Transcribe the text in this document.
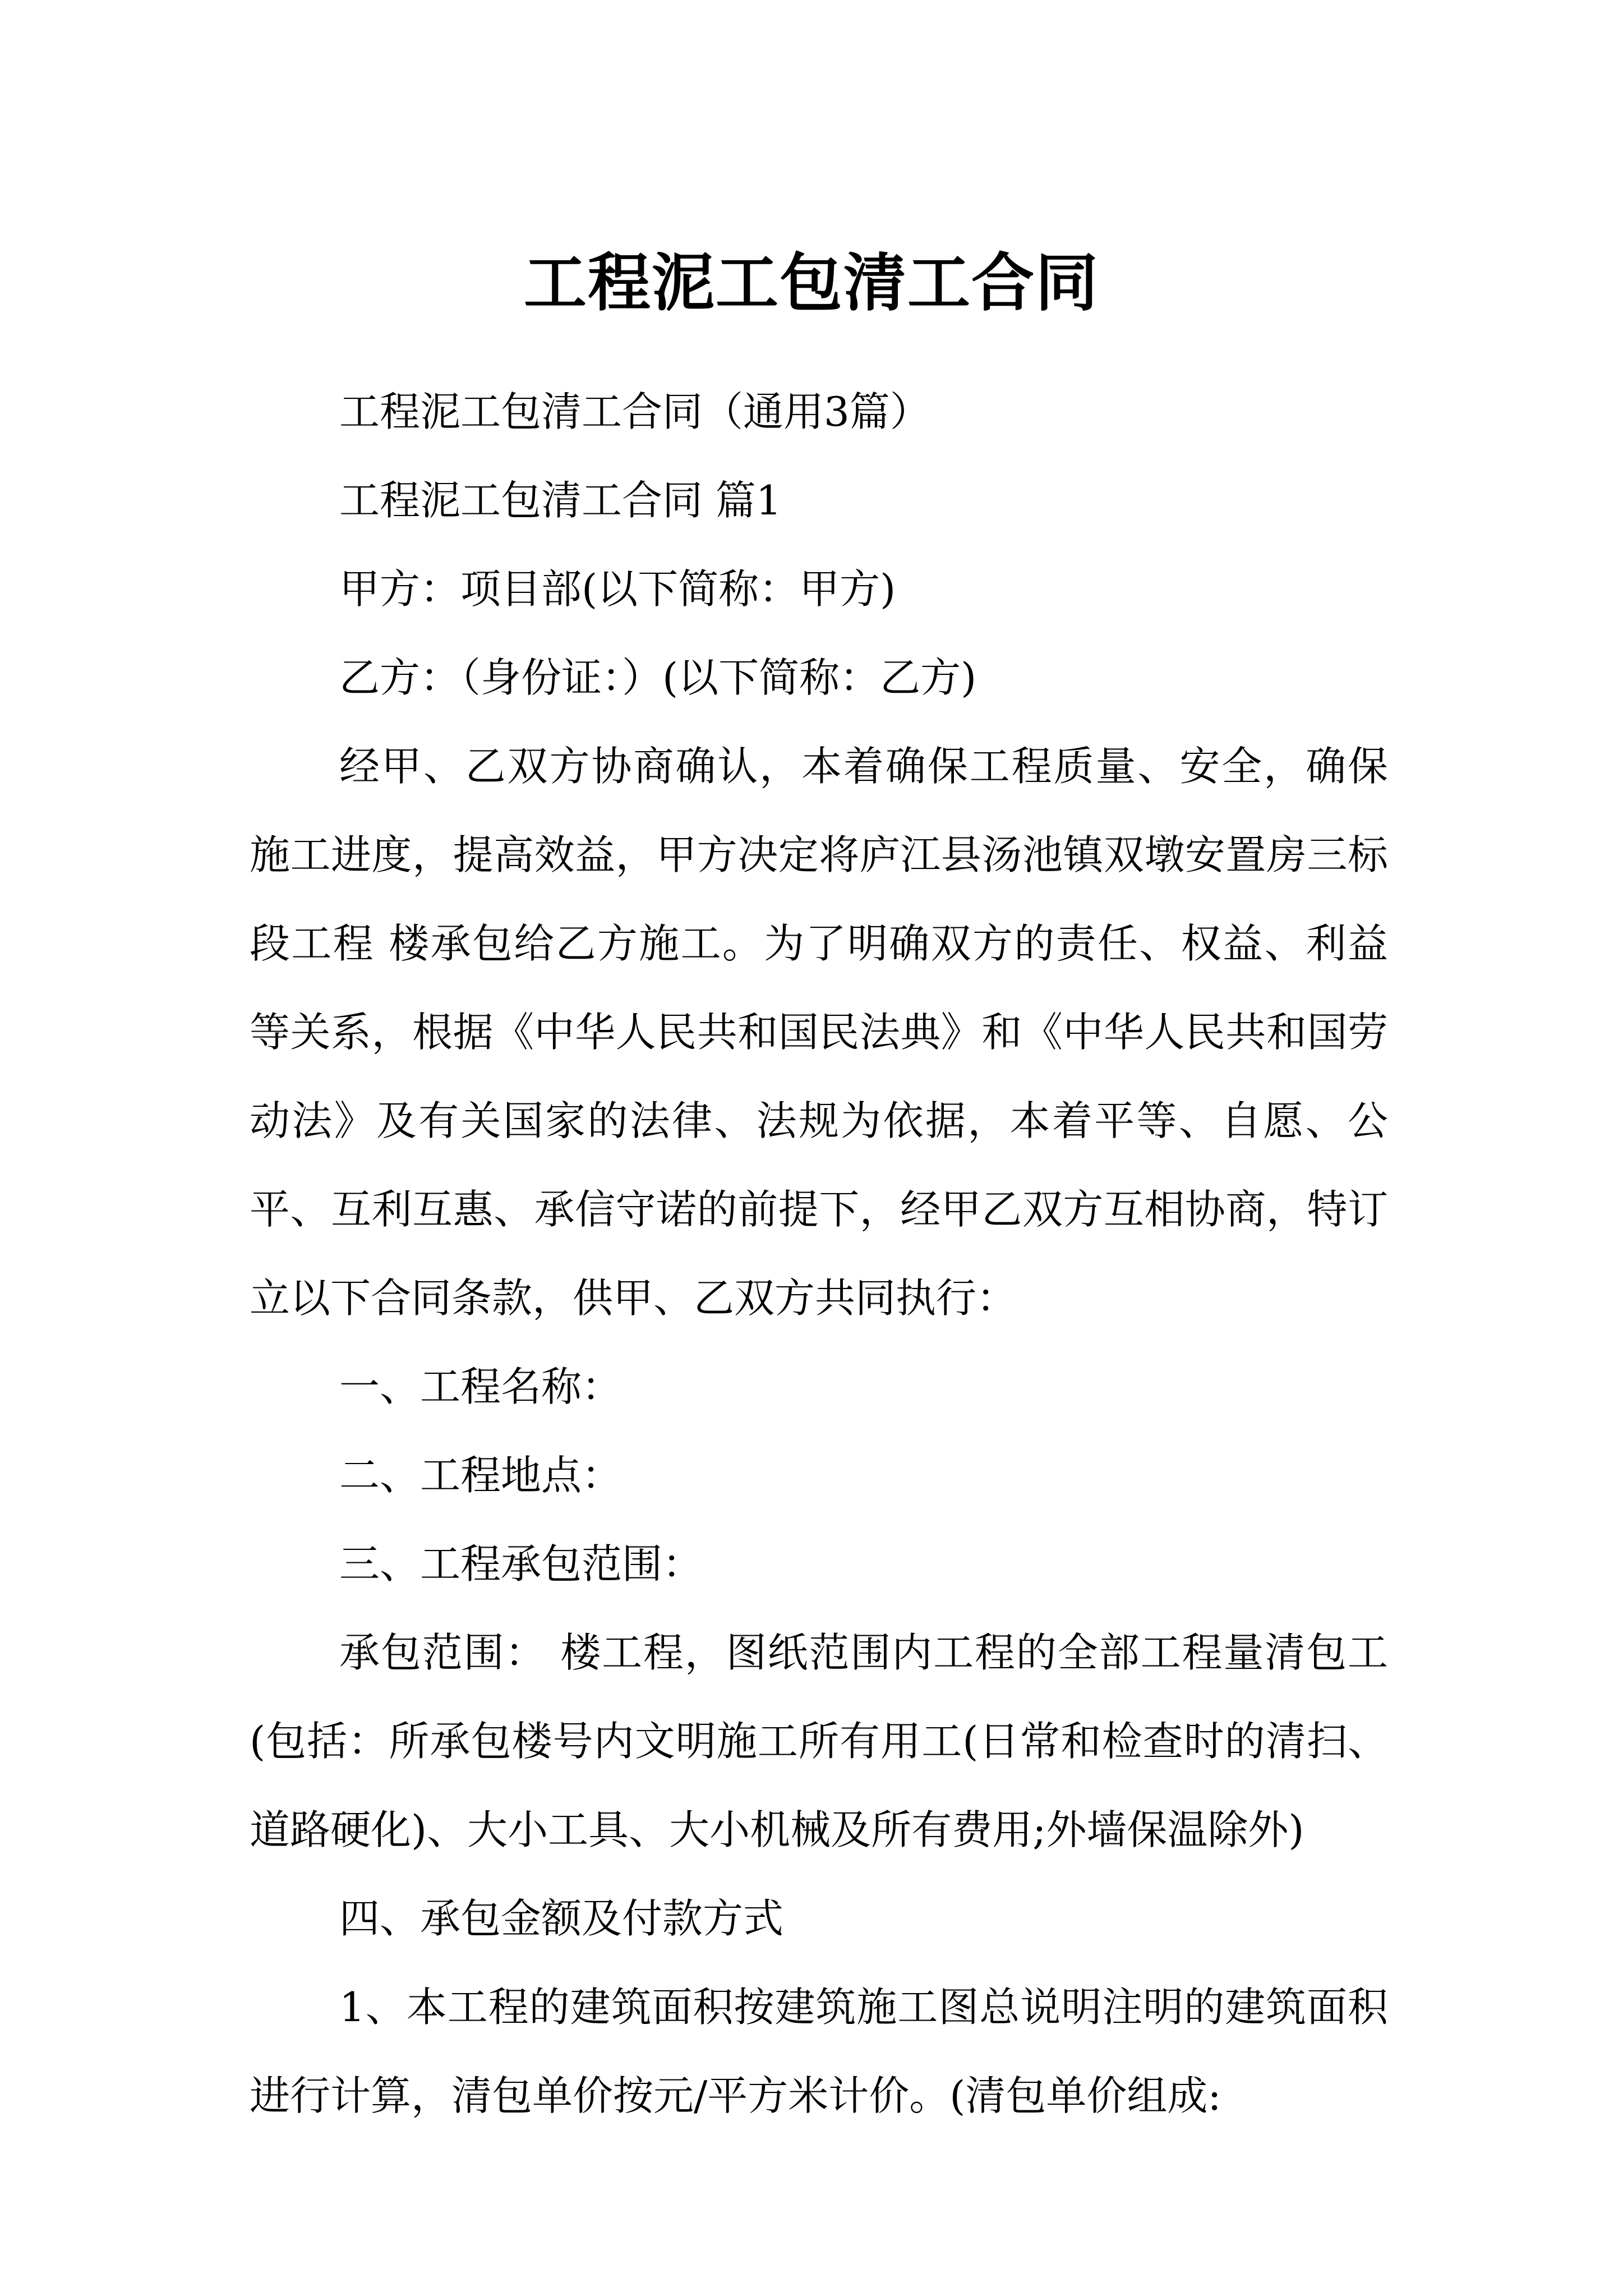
工程泥工包清工合同

工程泥工包清工合同（通用3篇）

工程泥工包清工合同 篇1

甲方：项目部(以下简称：甲方)

乙方：（身份证：）(以下简称：乙方)

经甲、乙双方协商确认，本着确保工程质量、安全，确保施工进度，提高效益，甲方决定将庐江县汤池镇双墩安置房三标段工程 楼承包给乙方施工。为了明确双方的责任、权益、利益等关系，根据《中华人民共和国民法典》和《中华人民共和国劳动法》及有关国家的法律、法规为依据，本着平等、自愿、公平、互利互惠、承信守诺的前提下，经甲乙双方互相协商，特订立以下合同条款，供甲、乙双方共同执行：

一、工程名称：

二、工程地点：

三、工程承包范围：

承包范围： 楼工程，图纸范围内工程的全部工程量清包工(包括：所承包楼号内文明施工所有用工(日常和检查时的清扫、道路硬化)、大小工具、大小机械及所有费用;外墙保温除外)

四、承包金额及付款方式

1、本工程的建筑面积按建筑施工图总说明注明的建筑面积进行计算，清包单价按元/平方米计价。(清包单价组成:
